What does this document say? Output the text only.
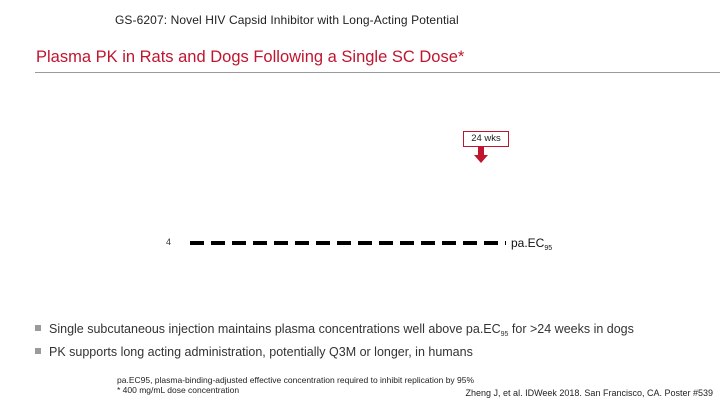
GS-6207: Novel HIV Capsid Inhibitor with Long-Acting Potential
Plasma PK in Rats and Dogs Following a Single SC Dose*
24 wks
4	$pa.EC_{95}$
Single subcutaneous injection maintains plasma concentrations well above $pa.EC_{95}$ for >24 weeks in dogs
PK supports long acting administration, potentially Q3M or longer, in humans
pa.EC95, plasma-binding-adjusted effective concentration required to inhibit replication by 95%
* 400 mg/mL dose concentration	Zheng J, et al. IDWeek 2018. San Francisco, CA. Poster #539
